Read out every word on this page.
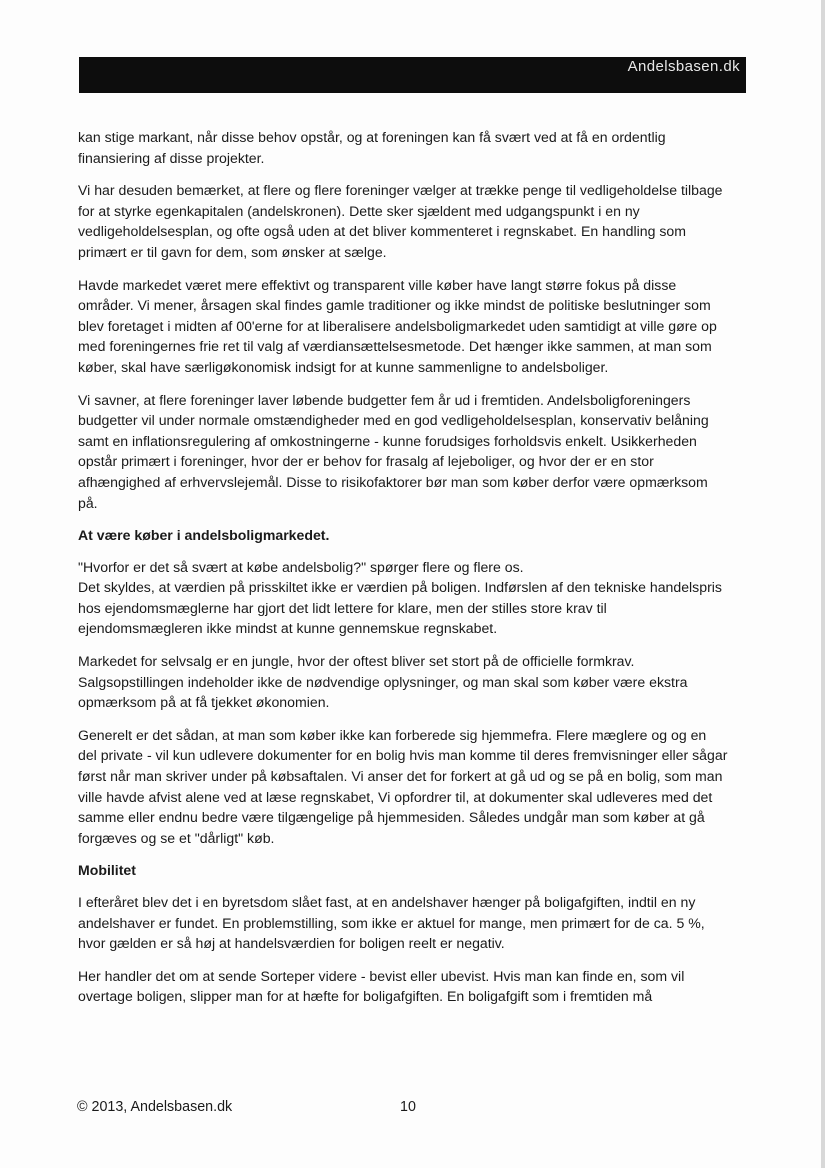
Andelsbasen.dk

kan stige markant, når disse behov opstår, og at foreningen kan få svært ved at få en ordentlig finansiering af disse projekter.

Vi har desuden bemærket, at flere og flere foreninger vælger at trække penge til vedligeholdelse tilbage for at styrke egenkapitalen (andelskronen). Dette sker sjældent med udgangspunkt i en ny vedligeholdelsesplan, og ofte også uden at det bliver kommenteret i regnskabet. En handling som primært er til gavn for dem, som ønsker at sælge.

Havde markedet været mere effektivt og transparent ville køber have langt større fokus på disse områder. Vi mener, årsagen skal findes gamle traditioner og ikke mindst de politiske beslutninger som blev foretaget i midten af 00'erne for at liberalisere andelsboligmarkedet uden samtidigt at ville gøre op med foreningernes frie ret til valg af værdiansættelsesmetode. Det hænger ikke sammen, at man som køber, skal have særligøkonomisk indsigt for at kunne sammenligne to andelsboliger.

Vi savner, at flere foreninger laver løbende budgetter fem år ud i fremtiden. Andelsboligforeningers budgetter vil under normale omstændigheder med en god vedligeholdelsesplan, konservativ belåning samt en inflationsregulering af omkostningerne - kunne forudsiges forholdsvis enkelt. Usikkerheden opstår primært i foreninger, hvor der er behov for frasalg af lejeboliger, og hvor der er en stor afhængighed af erhvervslejemål. Disse to risikofaktorer bør man som køber derfor være opmærksom på.

At være køber i andelsboligmarkedet.

"Hvorfor er det så svært at købe andelsbolig?" spørger flere og flere os.

Det skyldes, at værdien på prisskiltet ikke er værdien på boligen. Indførslen af den tekniske handelspris hos ejendomsmæglerne har gjort det lidt lettere for klare, men der stilles store krav til ejendomsmægleren ikke mindst at kunne gennemskue regnskabet.

Markedet for selvsalg er en jungle, hvor der oftest bliver set stort på de officielle formkrav. Salgsopstillingen indeholder ikke de nødvendige oplysninger, og man skal som køber være ekstra opmærksom på at få tjekket økonomien.

Generelt er det sådan, at man som køber ikke kan forberede sig hjemmefra. Flere mæglere og og en del private - vil kun udlevere dokumenter for en bolig hvis man komme til deres fremvisninger eller sågar først når man skriver under på købsaftalen. Vi anser det for forkert at gå ud og se på en bolig, som man ville havde afvist alene ved at læse regnskabet, Vi opfordrer til, at dokumenter skal udleveres med det samme eller endnu bedre være tilgængelige på hjemmesiden. Således undgår man som køber at gå forgæves og se et "dårligt" køb.

Mobilitet

I efteråret blev det i en byretsdom slået fast, at en andelshaver hænger på boligafgiften, indtil en ny andelshaver er fundet. En problemstilling, som ikke er aktuel for mange, men primært for de ca. 5 %, hvor gælden er så høj at handelsværdien for boligen reelt er negativ.

Her handler det om at sende Sorteper videre - bevist eller ubevist. Hvis man kan finde en, som vil overtage boligen, slipper man for at hæfte for boligafgiften. En boligafgift som i fremtiden må

© 2013, Andelsbasen.dk	10
